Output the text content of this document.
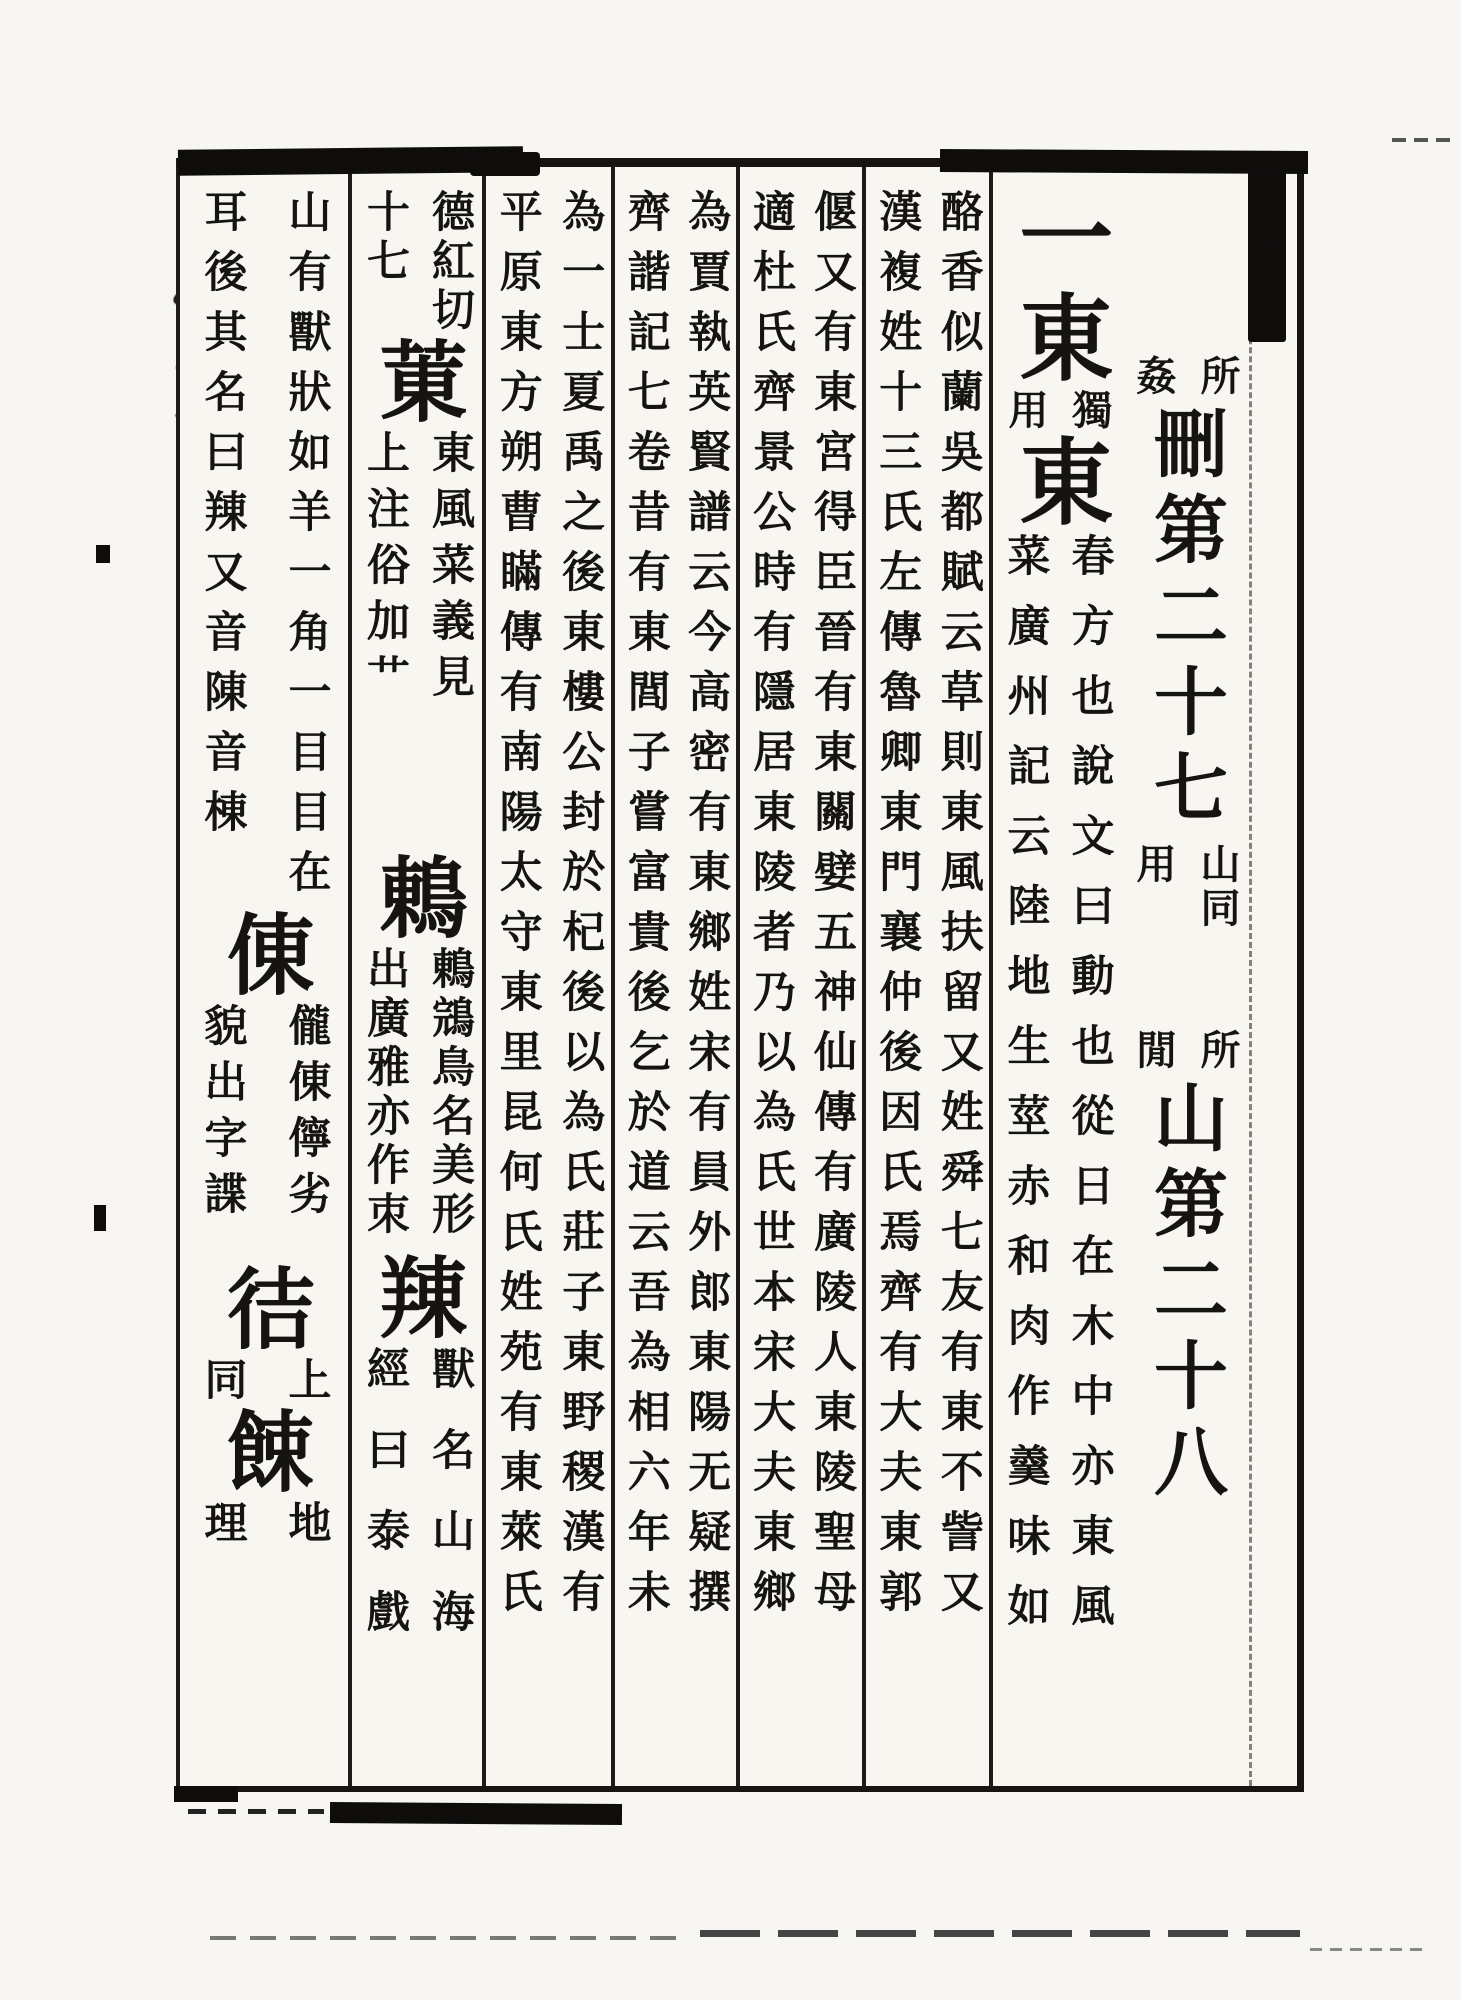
所
姦
刪第二十七
山同
用
所
閒
山第二十八
一
東
獨
用
東
春方也說文曰動也從日在木中亦東風
菜廣州記云陸地生莖赤和肉作羹味如
酪香似蘭吳都賦云草則東風扶留又姓舜七友有東不訾又
漢複姓十三氏左傳魯卿東門襄仲後因氏焉齊有大夫東郭
偃又有東宮得臣晉有東關嬖五神仙傳有廣陵人東陵聖母
適杜氏齊景公時有隱居東陵者乃以為氏世本宋大夫東鄉
為賈執英賢譜云今高密有東鄉姓宋有員外郎東陽无疑撰
齊諧記七卷昔有東閭子嘗富貴後乞於道云吾為相六年未
為一士夏禹之後東樓公封於杞後以為氏莊子東野稷漢有
平原東方朔曹瞞傳有南陽太守東里昆何氏姓苑有東萊氏
德紅切
十七
菄
東風菜義見
上注俗加艹
鶇
鶇鵍鳥名美形
出廣雅亦作朿
䍶
獸名山海
經曰泰戲
山有獸狀如羊一角一目目在
耳後其名曰䍶又音陳音棟
倲
儱倲儜劣
貌出字諜
㣟
上
同
餗
地
理
